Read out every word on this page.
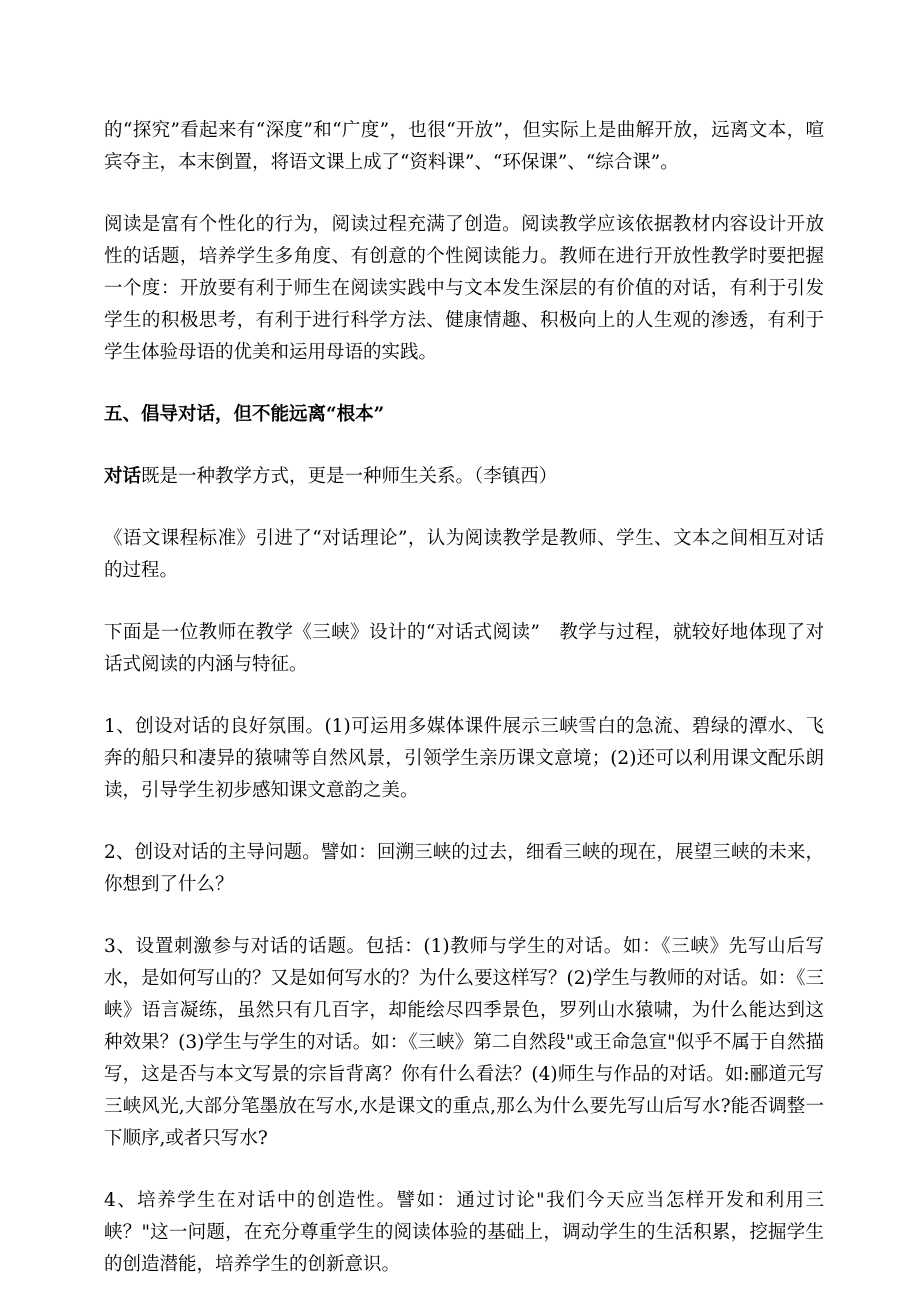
的“探究”看起来有“深度”和“广度”，也很“开放”，但实际上是曲解开放，远离文本，喧宾夺主，本末倒置，将语文课上成了“资料课”、“环保课”、“综合课”。

阅读是富有个性化的行为，阅读过程充满了创造。阅读教学应该依据教材内容设计开放性的话题，培养学生多角度、有创意的个性阅读能力。教师在进行开放性教学时要把握一个度：开放要有利于师生在阅读实践中与文本发生深层的有价值的对话，有利于引发学生的积极思考，有利于进行科学方法、健康情趣、积极向上的人生观的渗透，有利于学生体验母语的优美和运用母语的实践。

五、倡导对话，但不能远离“根本”

对话既是一种教学方式，更是一种师生关系。（李镇西）

《语文课程标准》引进了“对话理论”，认为阅读教学是教师、学生、文本之间相互对话的过程。

下面是一位教师在教学《三峡》设计的“对话式阅读”　教学与过程，就较好地体现了对话式阅读的内涵与特征。

1、创设对话的良好氛围。(1)可运用多媒体课件展示三峡雪白的急流、碧绿的潭水、飞奔的船只和凄异的猿啸等自然风景，引领学生亲历课文意境；(2)还可以利用课文配乐朗读，引导学生初步感知课文意韵之美。

2、创设对话的主导问题。譬如：回溯三峡的过去，细看三峡的现在，展望三峡的未来，你想到了什么？

3、设置刺激参与对话的话题。包括：(1)教师与学生的对话。如：《三峡》先写山后写水，是如何写山的？又是如何写水的？为什么要这样写？(2)学生与教师的对话。如：《三峡》语言凝练，虽然只有几百字，却能绘尽四季景色，罗列山水猿啸，为什么能达到这种效果？(3)学生与学生的对话。如：《三峡》第二自然段"或王命急宣"似乎不属于自然描写，这是否与本文写景的宗旨背离？你有什么看法？(4)师生与作品的对话。如:郦道元写三峡风光,大部分笔墨放在写水,水是课文的重点,那么为什么要先写山后写水?能否调整一下顺序,或者只写水?

4、培养学生在对话中的创造性。譬如：通过讨论"我们今天应当怎样开发和利用三峡？"这一问题，在充分尊重学生的阅读体验的基础上，调动学生的生活积累，挖掘学生的创造潜能，培养学生的创新意识。
